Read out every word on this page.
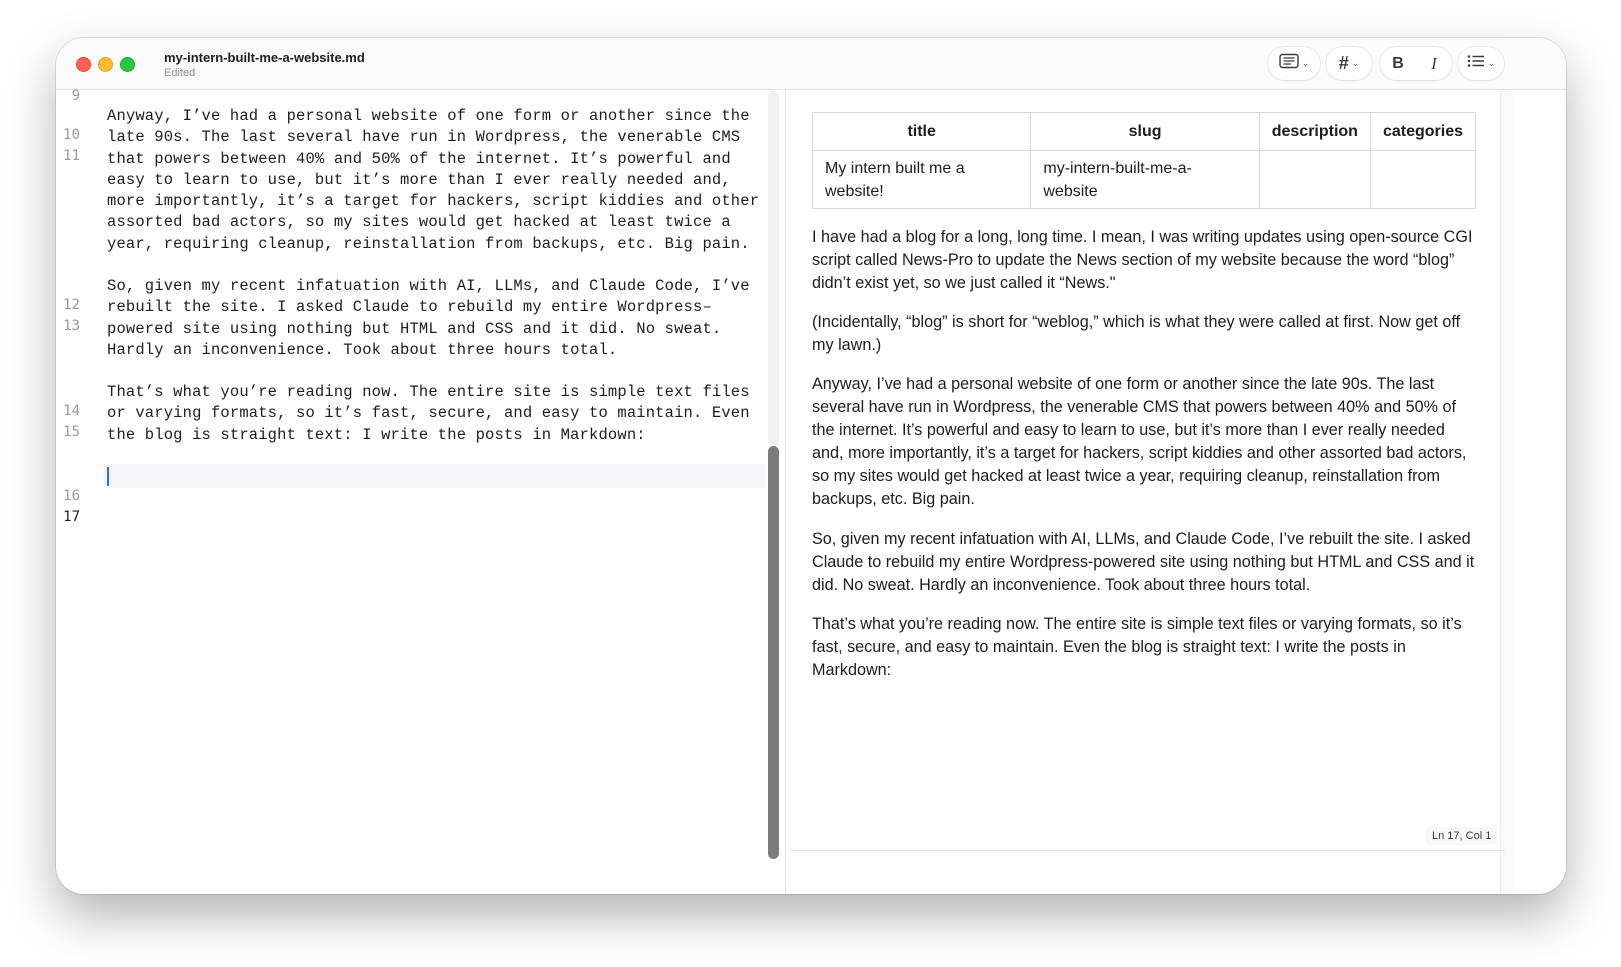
my-intern-built-me-a-website.md
Edited
⌄ # ⌄	B	I	⌄
9
10
11
12
13
14
15
16
17
Anyway, I’ve had a personal website of one form or another since the
late 90s. The last several have run in Wordpress, the venerable CMS
that powers between 40% and 50% of the internet. It’s powerful and
easy to learn to use, but it’s more than I ever really needed and,
more importantly, it’s a target for hackers, script kiddies and other
assorted bad actors, so my sites would get hacked at least twice a
year, requiring cleanup, reinstallation from backups, etc. Big pain.
So, given my recent infatuation with AI, LLMs, and Claude Code, I’ve
rebuilt the site. I asked Claude to rebuild my entire Wordpress–
powered site using nothing but HTML and CSS and it did. No sweat.
Hardly an inconvenience. Took about three hours total.
That’s what you’re reading now. The entire site is simple text files
or varying formats, so it’s fast, secure, and easy to maintain. Even
the blog is straight text: I write the posts in Markdown:
title	slug	description	categories

My intern built me a website!	my-intern-built-me-a-website		

I have had a blog for a long, long time. I mean, I was writing updates using open-source CGI script called News-Pro to update the News section of my website because the word “blog” didn’t exist yet, so we just called it “News."

(Incidentally, “blog” is short for “weblog,” which is what they were called at first. Now get off my lawn.)

Anyway, I’ve had a personal website of one form or another since the late 90s. The last several have run in Wordpress, the venerable CMS that powers between 40% and 50% of the internet. It’s powerful and easy to learn to use, but it’s more than I ever really needed and, more importantly, it’s a target for hackers, script kiddies and other assorted bad actors, so my sites would get hacked at least twice a year, requiring cleanup, reinstallation from backups, etc. Big pain.

So, given my recent infatuation with AI, LLMs, and Claude Code, I’ve rebuilt the site. I asked Claude to rebuild my entire Wordpress-powered site using nothing but HTML and CSS and it did. No sweat. Hardly an inconvenience. Took about three hours total.

That’s what you’re reading now. The entire site is simple text files or varying formats, so it’s fast, secure, and easy to maintain. Even the blog is straight text: I write the posts in Markdown:

Ln 17, Col 1
